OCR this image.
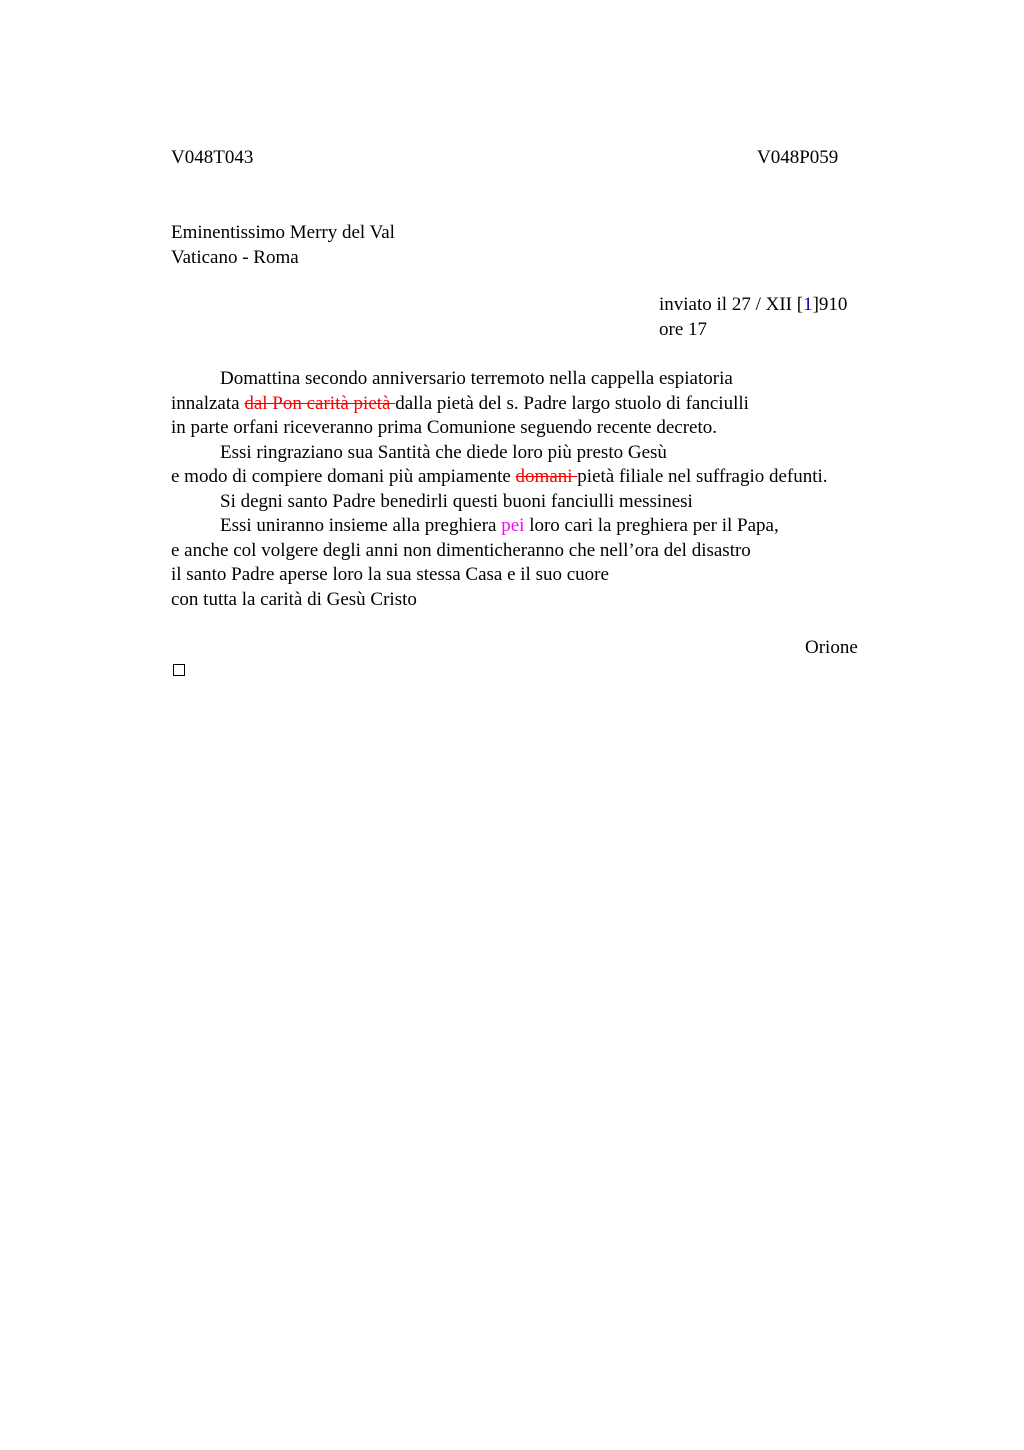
V048T043	V048P059
Eminentissimo Merry del Val
Vaticano - Roma
inviato il 27 / XII [1]910
ore 17
Domattina secondo anniversario terremoto nella cappella espiatoria
innalzata dal Pon carità pietà dalla pietà del s. Padre largo stuolo di fanciulli
in parte orfani riceveranno prima Comunione seguendo recente decreto.
Essi ringraziano sua Santità che diede loro più presto Gesù
e modo di compiere domani più ampiamente domani pietà filiale nel suffragio defunti.
Si degni santo Padre benedirli questi buoni fanciulli messinesi
Essi uniranno insieme alla preghiera pei loro cari la preghiera per il Papa,
e anche col volgere degli anni non dimenticheranno che nell’ora del disastro
il santo Padre aperse loro la sua stessa Casa e il suo cuore
con tutta la carità di Gesù Cristo
Orione
